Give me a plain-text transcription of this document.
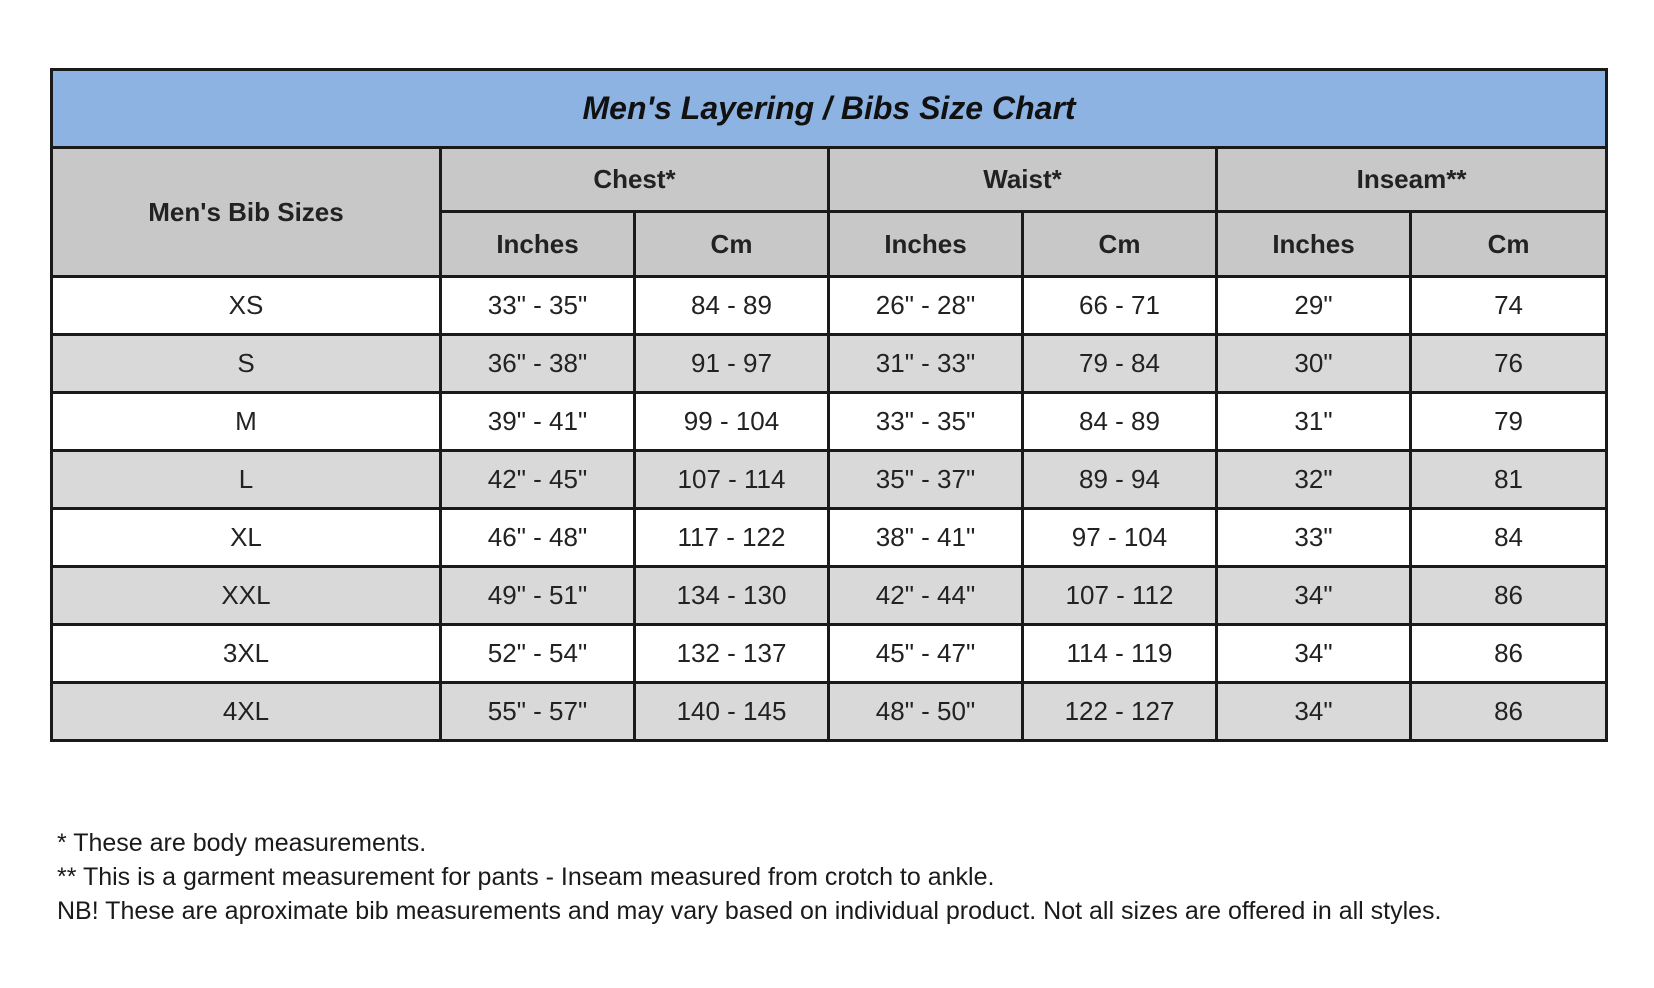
Men's Layering / Bibs Size Chart						
Men's Bib Sizes	Chest*		Waist*		Inseam**	
	Inches	Cm	Inches	Cm	Inches	Cm
XS	33" - 35"	84 - 89	26" - 28"	66 - 71	29"	74
S	36" - 38"	91 - 97	31" - 33"	79 - 84	30"	76
M	39" - 41"	99 - 104	33" - 35"	84 - 89	31"	79
L	42" - 45"	107 - 114	35" - 37"	89 - 94	32"	81
XL	46" - 48"	117 - 122	38" - 41"	97 - 104	33"	84
XXL	49" - 51"	134 - 130	42" - 44"	107 - 112	34"	86
3XL	52" - 54"	132 - 137	45" - 47"	114 - 119	34"	86
4XL	55" - 57"	140 - 145	48" - 50"	122 - 127	34"	86

* These are body measurements.

** This is a garment measurement for pants - Inseam measured from crotch to ankle.

NB! These are aproximate bib measurements and may vary based on individual product. Not all sizes are offered in all styles.
